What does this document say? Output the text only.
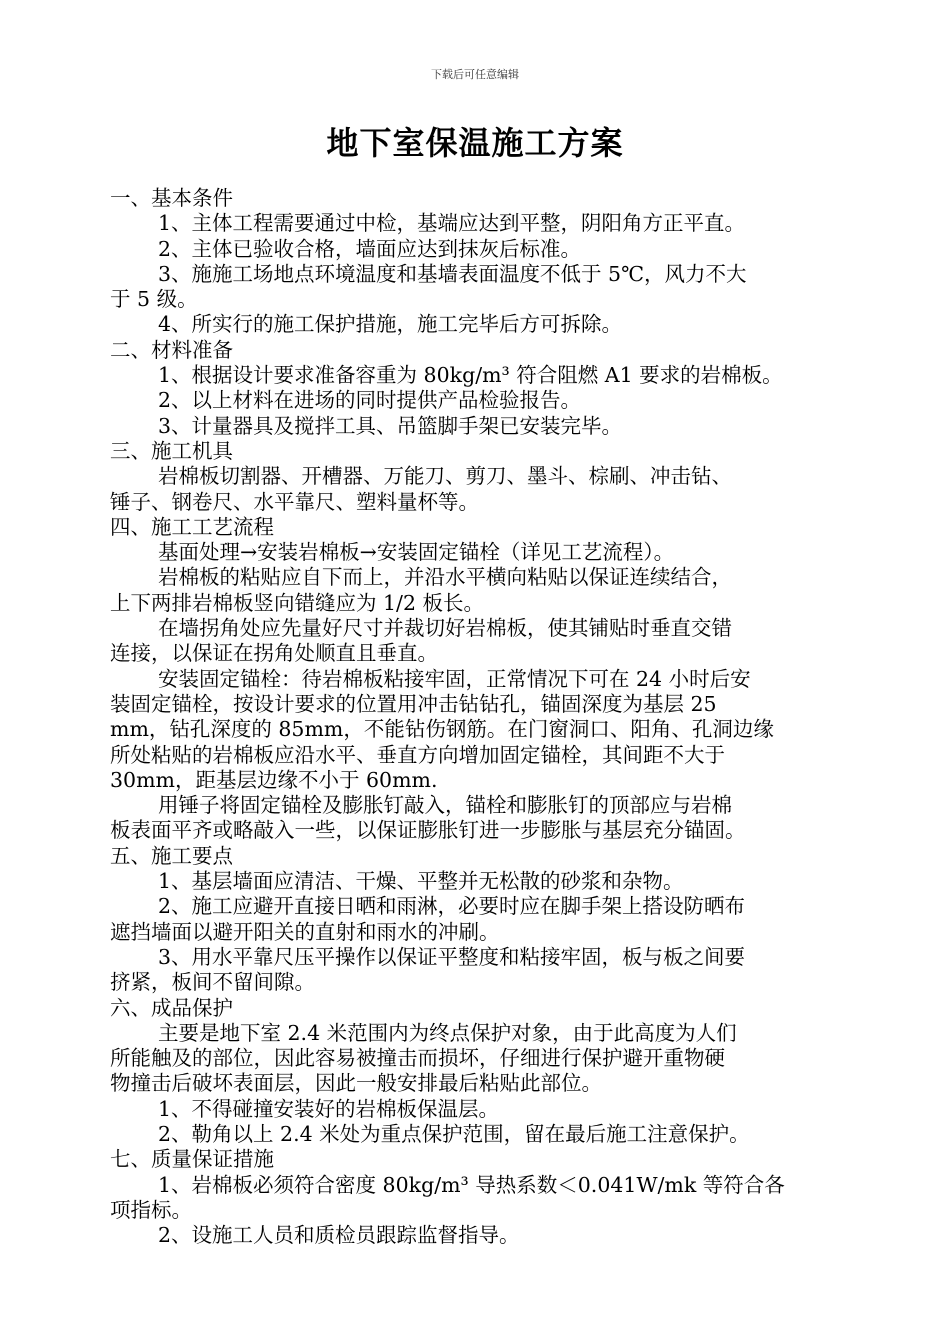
下载后可任意编辑
地下室保温施工方案

一、基本条件

1、主体工程需要通过中检，基端应达到平整，阴阳角方正平直。

2、主体已验收合格，墙面应达到抹灰后标准。

3、施施工场地点环境温度和基墙表面温度不低于 5℃，风力不大

于 5 级。

4、所实行的施工保护措施，施工完毕后方可拆除。

二、材料准备

1、根据设计要求准备容重为 80kg/m³ 符合阻燃 A1 要求的岩棉板。

2、以上材料在进场的同时提供产品检验报告。

3、计量器具及搅拌工具、吊篮脚手架已安装完毕。

三、施工机具

岩棉板切割器、开槽器、万能刀、剪刀、墨斗、棕刷、冲击钻、

锤子、钢卷尺、水平靠尺、塑料量杯等。

四、施工工艺流程

基面处理→安装岩棉板→安装固定锚栓（详见工艺流程）。

岩棉板的粘贴应自下而上，并沿水平横向粘贴以保证连续结合，

上下两排岩棉板竖向错缝应为 1/2 板长。

在墙拐角处应先量好尺寸并裁切好岩棉板，使其铺贴时垂直交错

连接，以保证在拐角处顺直且垂直。

安装固定锚栓：待岩棉板粘接牢固，正常情况下可在 24 小时后安

装固定锚栓，按设计要求的位置用冲击钻钻孔，锚固深度为基层 25

mm，钻孔深度的 85mm，不能钻伤钢筋。在门窗洞口、阳角、孔洞边缘

所处粘贴的岩棉板应沿水平、垂直方向增加固定锚栓，其间距不大于

30mm，距基层边缘不小于 60mm.

用锤子将固定锚栓及膨胀钉敲入，锚栓和膨胀钉的顶部应与岩棉

板表面平齐或略敲入一些，以保证膨胀钉进一步膨胀与基层充分锚固。

五、施工要点

1、基层墙面应清洁、干燥、平整并无松散的砂浆和杂物。

2、施工应避开直接日晒和雨淋，必要时应在脚手架上搭设防晒布

遮挡墙面以避开阳关的直射和雨水的冲刷。

3、用水平靠尺压平操作以保证平整度和粘接牢固，板与板之间要

挤紧，板间不留间隙。

六、成品保护

主要是地下室 2.4 米范围内为终点保护对象，由于此高度为人们

所能触及的部位，因此容易被撞击而损坏，仔细进行保护避开重物硬

物撞击后破坏表面层，因此一般安排最后粘贴此部位。

1、不得碰撞安装好的岩棉板保温层。

2、勒角以上 2.4 米处为重点保护范围，留在最后施工注意保护。

七、质量保证措施

1、岩棉板必须符合密度 80kg/m³ 导热系数＜0.041W/mk 等符合各

项指标。

2、设施工人员和质检员跟踪监督指导。
